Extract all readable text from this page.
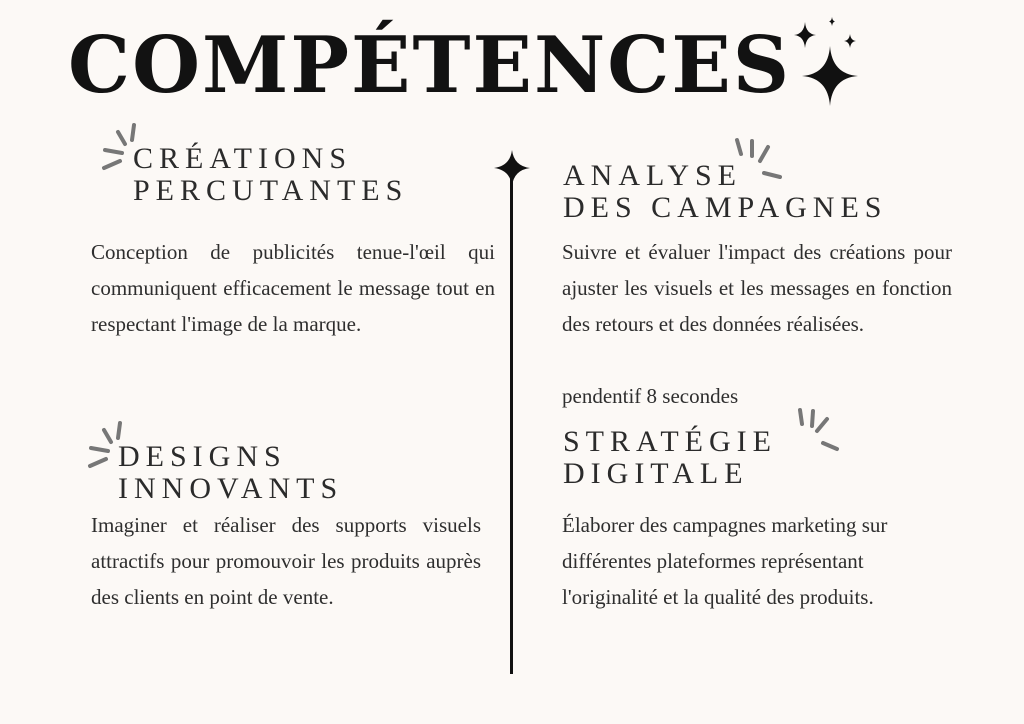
COMPÉTENCES
CRÉATIONS
PERCUTANTES

Conception de publicités tenue-l'œil qui communiquent efficacement le message tout en respectant l'image de la marque.

DESIGNS
INNOVANTS

Imaginer et réaliser des supports visuels attractifs pour promouvoir les produits auprès des clients en point de vente.

ANALYSE
DES CAMPAGNES

Suivre et évaluer l'impact des créations pour ajuster les visuels et les messages en fonction des retours et des données réalisées.

pendentif 8 secondes

STRATÉGIE
DIGITALE

Élaborer des campagnes marketing sur différentes plateformes représentant l'originalité et la qualité des produits.
